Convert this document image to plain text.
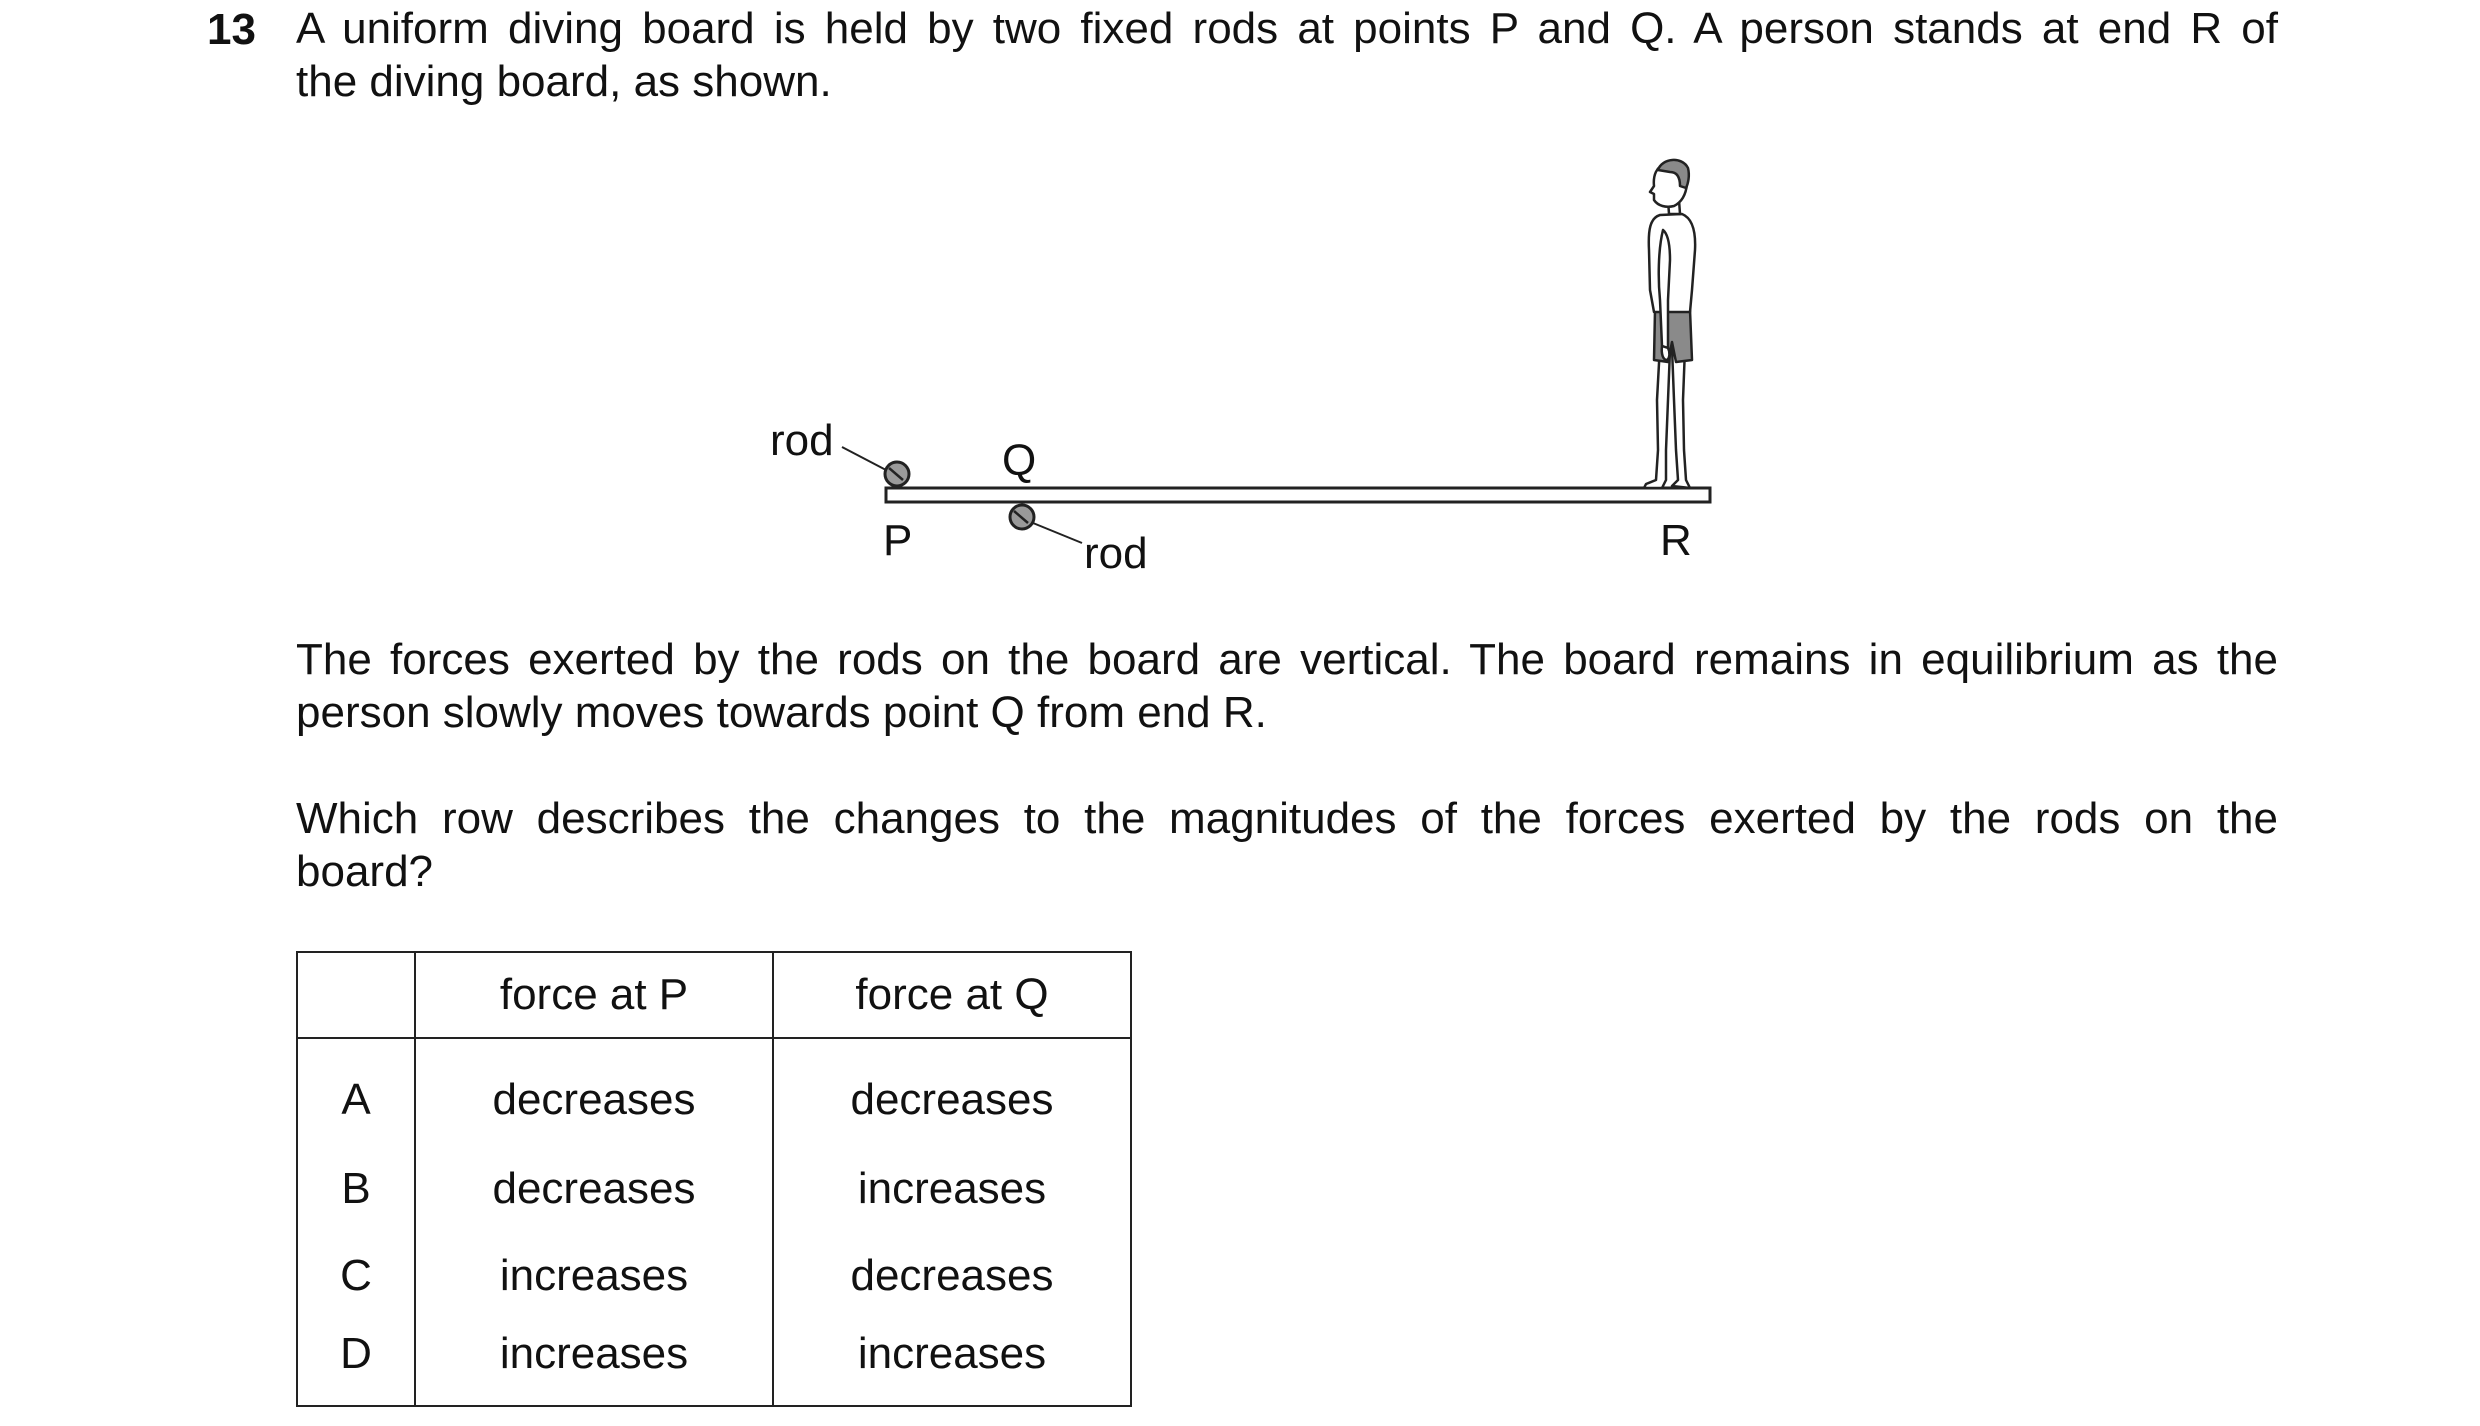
13 A uniform diving board is held by two fixed rods at points P and Q. A person stands at end R of
the diving board, as shown.

rod	Q
P	rod	R

The forces exerted by the rods on the board are vertical. The board remains in equilibrium as the
person slowly moves towards point Q from end R.

Which row describes the changes to the magnitudes of the forces exerted by the rods on the
board?

	force at P	force at Q
A	decreases	decreases
B	decreases	increases
C	increases	decreases
D	increases	increases
